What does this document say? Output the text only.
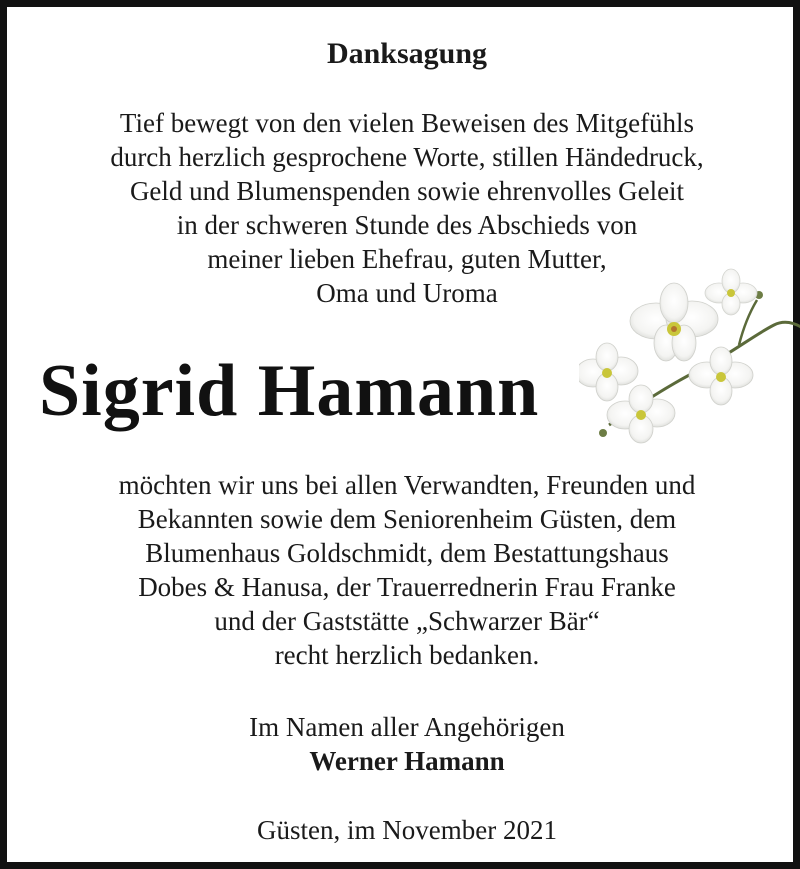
Danksagung

Tief bewegt von den vielen Beweisen des Mitgefühls
durch herzlich gesprochene Worte, stillen Händedruck,
Geld und Blumenspenden sowie ehrenvolles Geleit
in der schweren Stunde des Abschieds von
meiner lieben Ehefrau, guten Mutter,
Oma und Uroma

Sigrid Hamann

möchten wir uns bei allen Verwandten, Freunden und
Bekannten sowie dem Seniorenheim Güsten, dem
Blumenhaus Goldschmidt, dem Bestattungshaus
Dobes & Hanusa, der Trauerrednerin Frau Franke
und der Gaststätte „Schwarzer Bär“
recht herzlich bedanken.

Im Namen aller Angehörigen

Werner Hamann

Güsten, im November 2021
